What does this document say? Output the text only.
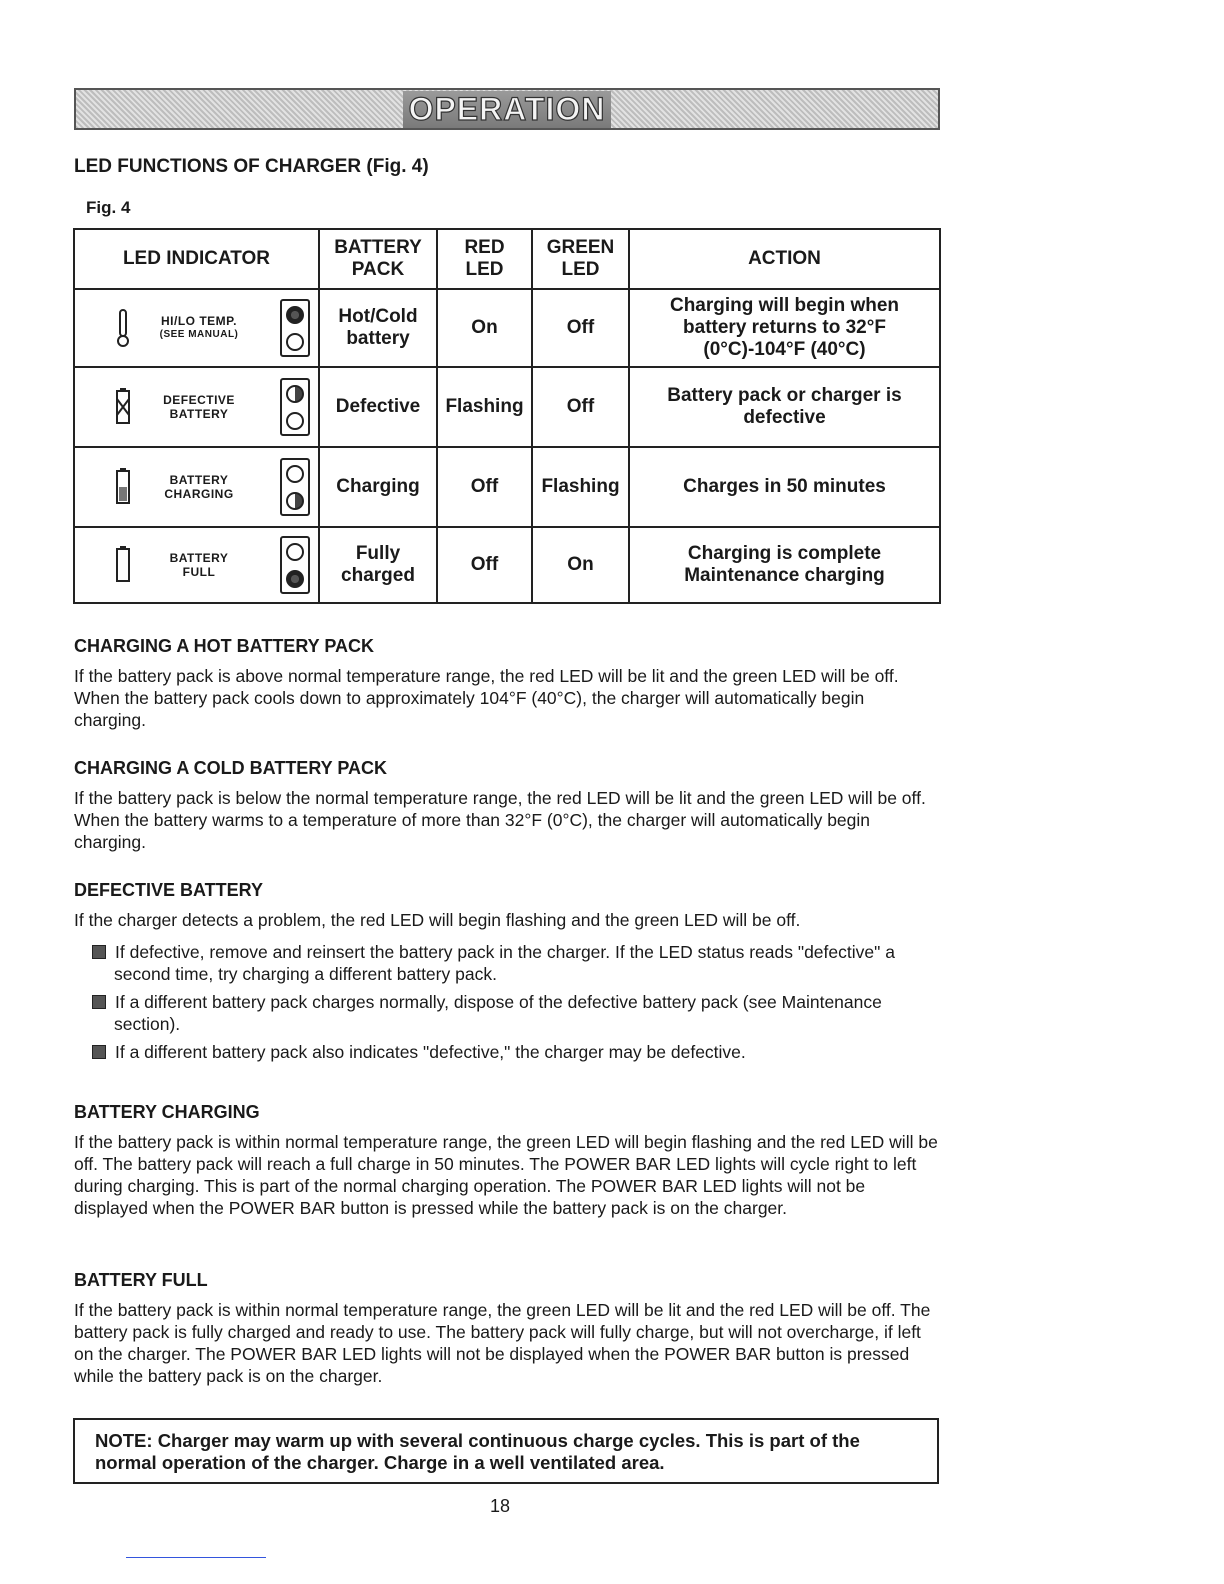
OPERATION
LED FUNCTIONS OF CHARGER (Fig. 4)
Fig. 4
LED INDICATOR	BATTERY PACK	RED LED	GREEN LED	ACTION

HI/LO TEMP.
(SEE MANUAL)	Hot/Cold battery	On	Off	Charging will begin when battery returns to 32°F (0°C)-104°F (40°C)

DEFECTIVE
BATTERY	Defective	Flashing	Off	Battery pack or charger is defective

BATTERY
CHARGING	Charging	Off	Flashing	Charges in 50 minutes

BATTERY
FULL	Fully charged	Off	On	Charging is complete Maintenance charging
CHARGING A HOT BATTERY PACK

If the battery pack is above normal temperature range, the red LED will be lit and the green LED will be off. When the battery pack cools down to approximately 104°F (40°C), the charger will automatically begin charging.

CHARGING A COLD BATTERY PACK

If the battery pack is below the normal temperature range, the red LED will be lit and the green LED will be off. When the battery warms to a temperature of more than 32°F (0°C), the charger will automatically begin charging.

DEFECTIVE BATTERY

If the charger detects a problem, the red LED will begin flashing and the green LED will be off.

If defective, remove and reinsert the battery pack in the charger. If the LED status reads "defective" a second time, try charging a different battery pack.

If a different battery pack charges normally, dispose of the defective battery pack (see Maintenance section).

If a different battery pack also indicates "defective," the charger may be defective.

BATTERY CHARGING

If the battery pack is within normal temperature range, the green LED will begin flashing and the red LED will be off. The battery pack will reach a full charge in 50 minutes. The POWER BAR LED lights will cycle right to left during charging. This is part of the normal charging operation. The POWER BAR LED lights will not be displayed when the POWER BAR button is pressed while the battery pack is on the charger.

BATTERY FULL

If the battery pack is within normal temperature range, the green LED will be lit and the red LED will be off. The battery pack is fully charged and ready to use. The battery pack will fully charge, but will not overcharge, if left on the charger. The POWER BAR LED lights will not be displayed when the POWER BAR button is pressed while the battery pack is on the charger.

NOTE: Charger may warm up with several continuous charge cycles. This is part of the normal operation of the charger. Charge in a well ventilated area.
18
